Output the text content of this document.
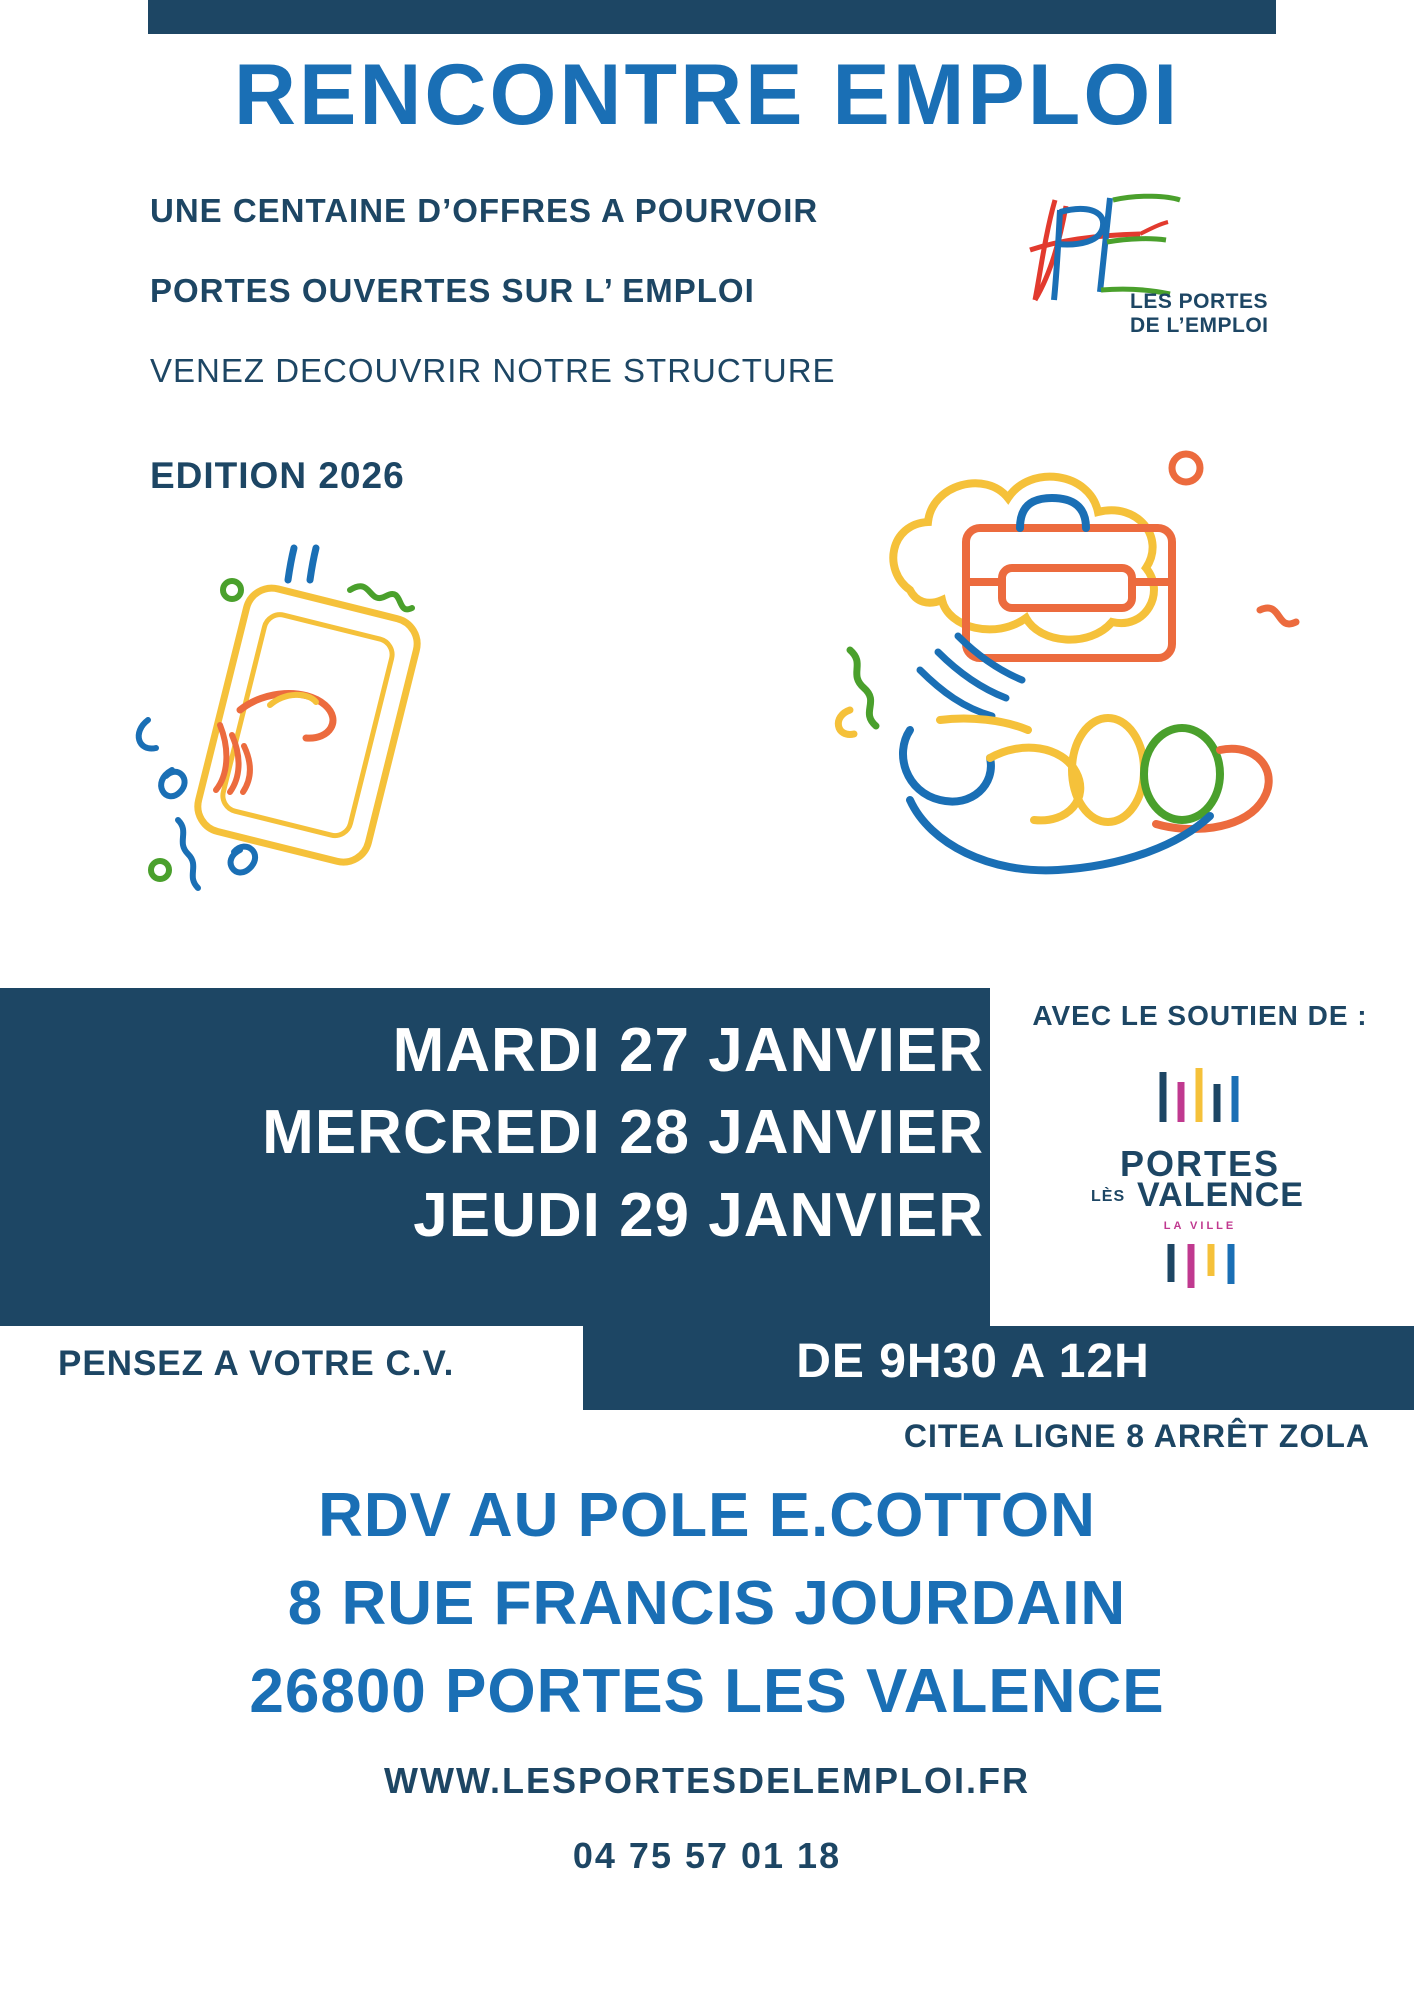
RENCONTRE EMPLOI
UNE CENTAINE D’OFFRES A POURVOIR
PORTES OUVERTES SUR L’ EMPLOI
VENEZ DECOUVRIR NOTRE STRUCTURE
EDITION 2026
LES PORTES
DE L’EMPLOI
MARDI 27 JANVIER
MERCREDI 28 JANVIER
JEUDI 29 JANVIER
AVEC LE SOUTIEN DE :
PORTES
LÈS VALENCE
LA VILLE
PENSEZ A VOTRE C.V.	DE 9H30 A 12H
CITEA LIGNE 8 ARRÊT ZOLA
RDV AU POLE E.COTTON
8 RUE FRANCIS JOURDAIN
26800 PORTES LES VALENCE
WWW.LESPORTESDELEMPLOI.FR
04 75 57 01 18
